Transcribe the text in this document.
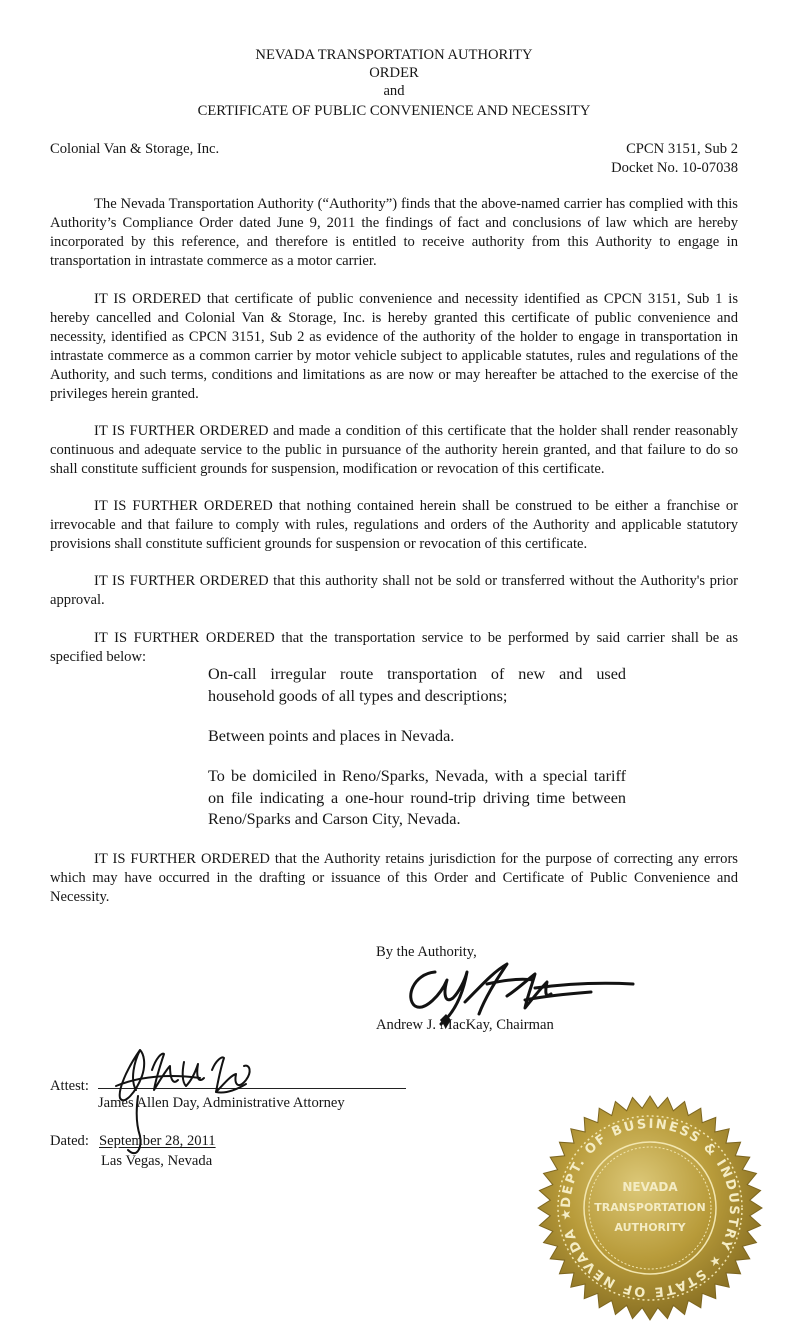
NEVADA TRANSPORTATION AUTHORITY
ORDER
and
CERTIFICATE OF PUBLIC CONVENIENCE AND NECESSITY
Colonial Van & Storage, Inc.	CPCN 3151, Sub 2
Docket No. 10-07038
The Nevada Transportation Authority (“Authority”) finds that the above-named carrier has complied with this Authority’s Compliance Order dated June 9, 2011 the findings of fact and conclusions of law which are hereby incorporated by this reference, and therefore is entitled to receive authority from this Authority to engage in transportation in intrastate commerce as a motor carrier.
IT IS ORDERED that certificate of public convenience and necessity identified as CPCN 3151, Sub 1 is hereby cancelled and Colonial Van & Storage, Inc. is hereby granted this certificate of public convenience and necessity, identified as CPCN 3151, Sub 2 as evidence of the authority of the holder to engage in transportation in intrastate commerce as a common carrier by motor vehicle subject to applicable statutes, rules and regulations of the Authority, and such terms, conditions and limitations as are now or may hereafter be attached to the exercise of the privileges herein granted.
IT IS FURTHER ORDERED and made a condition of this certificate that the holder shall render reasonably continuous and adequate service to the public in pursuance of the authority herein granted, and that failure to do so shall constitute sufficient grounds for suspension, modification or revocation of this certificate.
IT IS FURTHER ORDERED that nothing contained herein shall be construed to be either a franchise or irrevocable and that failure to comply with rules, regulations and orders of the Authority and applicable statutory provisions shall constitute sufficient grounds for suspension or revocation of this certificate.
IT IS FURTHER ORDERED that this authority shall not be sold or transferred without the Authority's prior approval.
IT IS FURTHER ORDERED that the transportation service to be performed by said carrier shall be as specified below:
On-call irregular route transportation of new and used household goods of all types and descriptions;
Between points and places in Nevada.
To be domiciled in Reno/Sparks, Nevada, with a special tariff on file indicating a one-hour round-trip driving time between Reno/Sparks and Carson City, Nevada.
IT IS FURTHER ORDERED that the Authority retains jurisdiction for the purpose of correcting any errors which may have occurred in the drafting or issuance of this Order and Certificate of Public Convenience and Necessity.
By the Authority,
Andrew J. MacKay, Chairman
Attest:
James Allen Day, Administrative Attorney
Dated: September 28, 2011
Las Vegas, Nevada
DEPT. OF BUSINESS & INDUSTRY ★ STATE OF NEVADA ★
NEVADA
TRANSPORTATION
AUTHORITY
